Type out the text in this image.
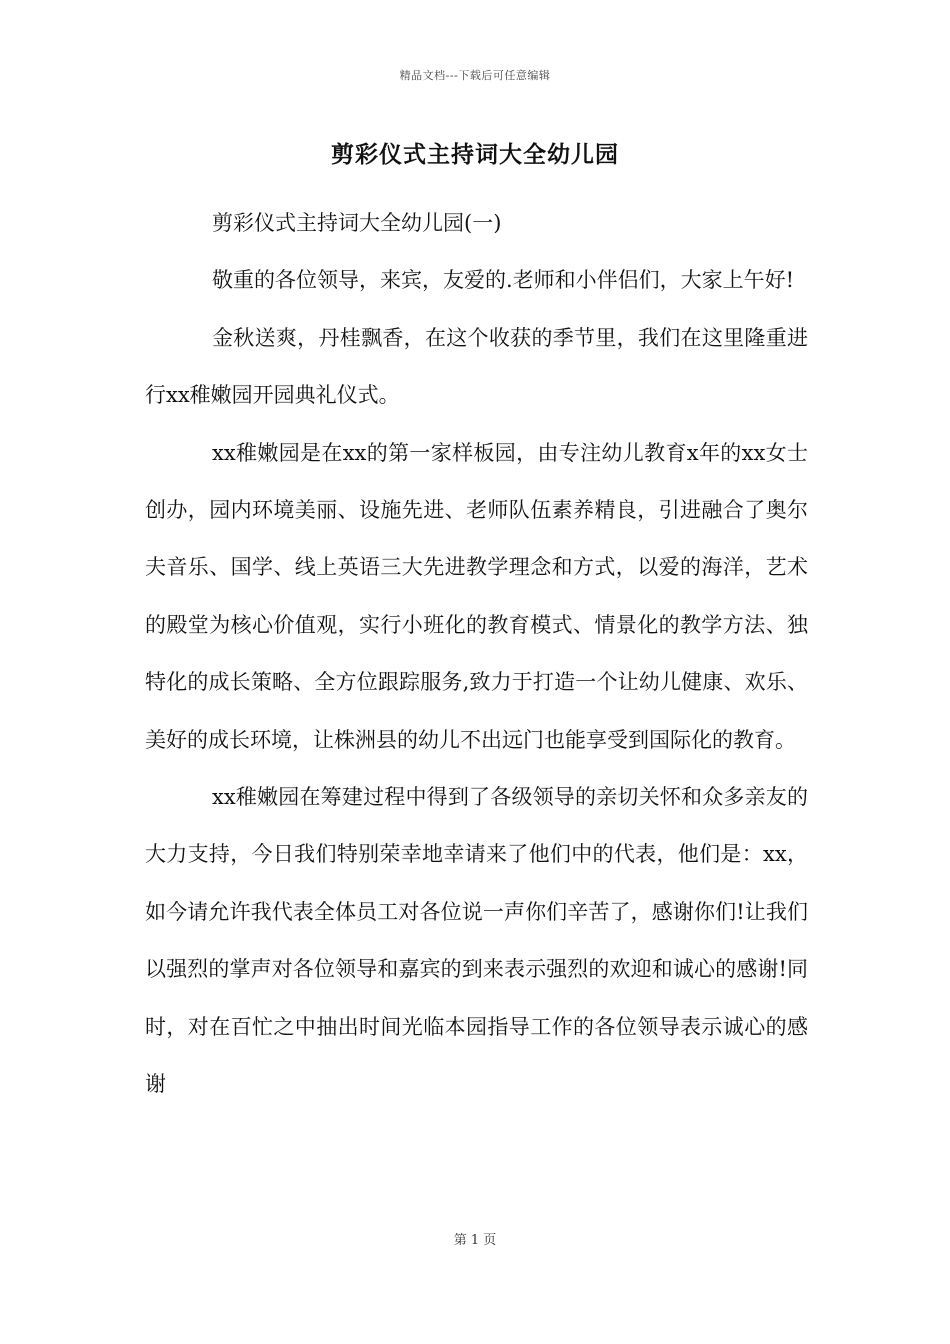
精品文档---下载后可任意编辑
剪彩仪式主持词大全幼儿园

剪彩仪式主持词大全幼儿园(一)

敬重的各位领导，来宾，友爱的.老师和小伴侣们，大家上午好!

金秋送爽，丹桂飘香，在这个收获的季节里，我们在这里隆重进行xx稚嫩园开园典礼仪式。

xx稚嫩园是在xx的第一家样板园，由专注幼儿教育x年的xx女士创办，园内环境美丽、设施先进、老师队伍素养精良，引进融合了奥尔夫音乐、国学、线上英语三大先进教学理念和方式，以爱的海洋，艺术的殿堂为核心价值观，实行小班化的教育模式、情景化的教学方法、独特化的成长策略、全方位跟踪服务,致力于打造一个让幼儿健康、欢乐、美好的成长环境，让株洲县的幼儿不出远门也能享受到国际化的教育。

xx稚嫩园在筹建过程中得到了各级领导的亲切关怀和众多亲友的大力支持，今日我们特别荣幸地幸请来了他们中的代表，他们是：xx，如今请允许我代表全体员工对各位说一声你们辛苦了，感谢你们!让我们以强烈的掌声对各位领导和嘉宾的到来表示强烈的欢迎和诚心的感谢!同时，对在百忙之中抽出时间光临本园指导工作的各位领导表示诚心的感谢

第 1 页
